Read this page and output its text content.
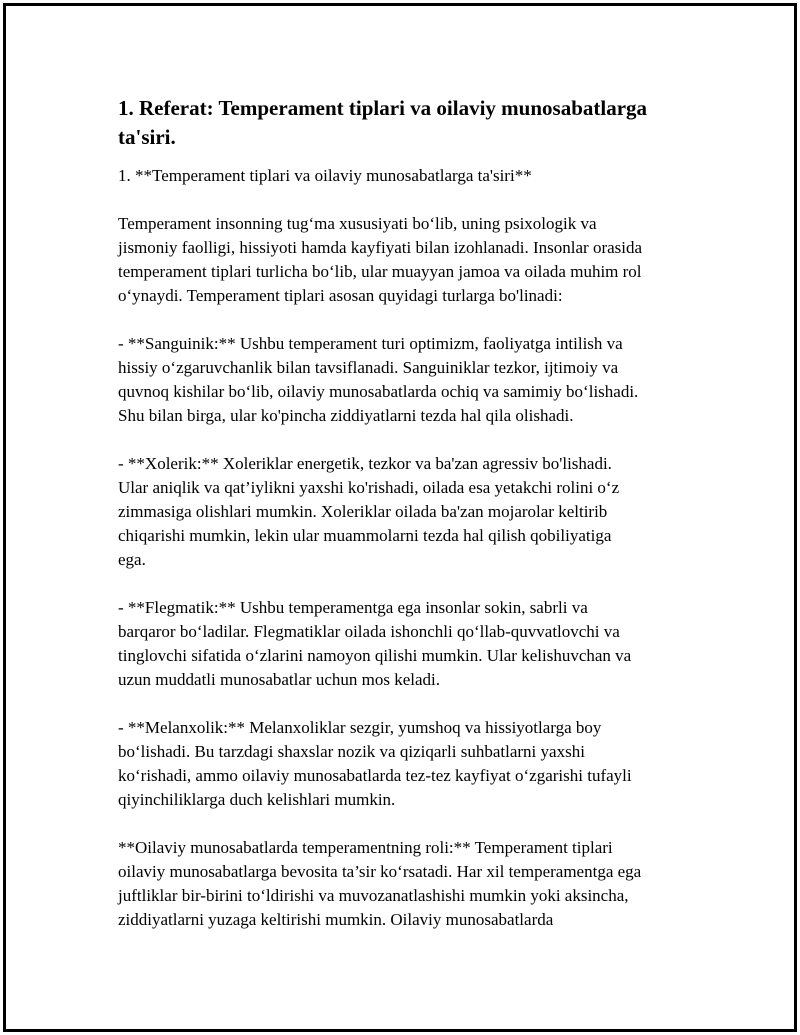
1. Referat: Temperament tiplari va oilaviy munosabatlarga ta'siri.

1. **Temperament tiplari va oilaviy munosabatlarga ta'siri**

Temperament insonning tug‘ma xususiyati bo‘lib, uning psixologik va
jismoniy faolligi, hissiyoti hamda kayfiyati bilan izohlanadi. Insonlar orasida
temperament tiplari turlicha bo‘lib, ular muayyan jamoa va oilada muhim rol
o‘ynaydi. Temperament tiplari asosan quyidagi turlarga bo'linadi:

- **Sanguinik:** Ushbu temperament turi optimizm, faoliyatga intilish va
hissiy o‘zgaruvchanlik bilan tavsiflanadi. Sanguiniklar tezkor, ijtimoiy va
quvnoq kishilar bo‘lib, oilaviy munosabatlarda ochiq va samimiy bo‘lishadi.
Shu bilan birga, ular ko'pincha ziddiyatlarni tezda hal qila olishadi.

- **Xolerik:** Xoleriklar energetik, tezkor va ba'zan agressiv bo'lishadi.
Ular aniqlik va qat’iylikni yaxshi ko'rishadi, oilada esa yetakchi rolini o‘z
zimmasiga olishlari mumkin. Xoleriklar oilada ba'zan mojarolar keltirib
chiqarishi mumkin, lekin ular muammolarni tezda hal qilish qobiliyatiga
ega.

- **Flegmatik:** Ushbu temperamentga ega insonlar sokin, sabrli va
barqaror bo‘ladilar. Flegmatiklar oilada ishonchli qo‘llab-quvvatlovchi va
tinglovchi sifatida o‘zlarini namoyon qilishi mumkin. Ular kelishuvchan va
uzun muddatli munosabatlar uchun mos keladi.

- **Melanxolik:** Melanxoliklar sezgir, yumshoq va hissiyotlarga boy
bo‘lishadi. Bu tarzdagi shaxslar nozik va qiziqarli suhbatlarni yaxshi
ko‘rishadi, ammo oilaviy munosabatlarda tez-tez kayfiyat o‘zgarishi tufayli
qiyinchiliklarga duch kelishlari mumkin.

**Oilaviy munosabatlarda temperamentning roli:** Temperament tiplari
oilaviy munosabatlarga bevosita ta’sir ko‘rsatadi. Har xil temperamentga ega
juftliklar bir-birini to‘ldirishi va muvozanatlashishi mumkin yoki aksincha,
ziddiyatlarni yuzaga keltirishi mumkin. Oilaviy munosabatlarda
